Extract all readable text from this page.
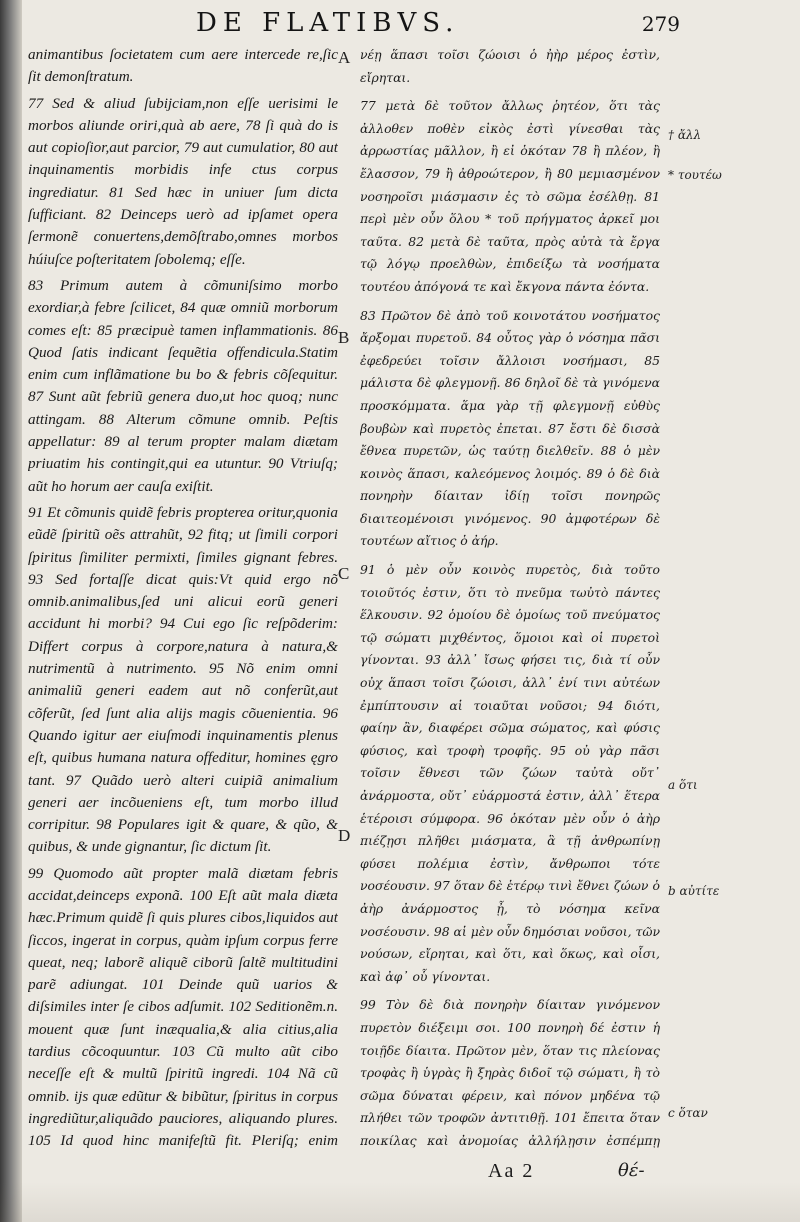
DE FLATIBVS.	279

animantibus ſocietatem cum aere intercede re,ſic ſit demonſtratum.

77 Sed & aliud ſubijciam,non eſſe uerisimi le morbos aliunde oriri,quà ab aere, 78 ſi quà do is aut copioſior,aut parcior, 79 aut cumulatior, 80 aut inquinamentis morbidis infe ctus corpus ingrediatur. 81 Sed hæc in uniuer ſum dicta ſufficiant. 82 Deinceps uerò ad ipſamet opera ſermonẽ conuertens,demõſtrabo,omnes morbos húiuſce poſteritatem ſobolemq; eſſe.

83 Primum autem à cõmuniſsimo morbo exordiar,à febre ſcilicet, 84 quæ omniũ morborum comes eſt: 85 præcipuè tamen inflammationis. 86 Quod ſatis indicant ſequẽtia offendicula.Statim enim cum inflãmatione bu bo & febris cõſequitur. 87 Sunt aũt febriũ genera duo,ut hoc quoq; nunc attingam. 88 Alterum cõmune omnib. Peſtis appellatur: 89 al terum propter malam diætam priuatim his contingit,qui ea utuntur. 90 Vtriuſq; aũt ho horum aer cauſa exiſtit.

91 Et cõmunis quidẽ febris propterea oritur,quonia eũdẽ ſpiritũ oẽs attrahũt, 92 fitq; ut ſimili corpori ſpiritus ſimiliter permixti, ſimiles gignant febres. 93 Sed fortaſſe dicat quis:Vt quid ergo nõ omnib.animalibus,ſed uni alicui eorũ generi accidunt hi morbi? 94 Cui ego ſic reſpõderim: Differt corpus à corpore,natura à natura,& nutrimentũ à nutrimento. 95 Nõ enim omni animaliũ generi eadem aut nõ conferũt,aut cõferũt, ſed ſunt alia alijs magis cõuenientia. 96 Quando igitur aer eiuſmodi inquinamentis plenus eſt, quibus humana natura offeditur, homines ęgro tant. 97 Quãdo uerò alteri cuipiã animalium generi aer incõueniens eſt, tum morbo illud corripitur. 98 Populares igit & quare, & qũo, & quibus, & unde gignantur, ſic dictum ſit.

99 Quomodo aũt propter malã diætam febris accidat,deinceps exponã. 100 Eſt aũt mala diæta hæc.Primum quidẽ ſi quis plures cibos,liquidos aut ſiccos, ingerat in corpus, quàm ipſum corpus ferre queat, neq; laborẽ aliquẽ ciborũ ſaltẽ multitudini parẽ adiungat. 101 Deinde quũ uarios & diſsimiles inter ſe cibos adſumit. 102 Seditionẽm.n. mouent quæ ſunt inæqualia,& alia citius,alia tardius cõcoquuntur. 103 Cũ multo aũt cibo neceſſe eſt & multũ ſpiritũ ingredi. 104 Nã cũ omnib. ijs quæ edũtur & bibũtur, ſpiritus in corpus ingrediũtur,aliquãdo pauciores, aliquando plures. 105 Id quod hinc manifeſtũ fit. Pleriſq; enim

A
B
C
D

νέῃ ἅπασι τοῖσι ζώοισι ὁ ἠὴρ μέρος ἐστὶν, εἴρηται.

77 μετὰ δὲ τοῦτον ἄλλως ῥητέον, ὅτι τὰς ἀλλοθεν ποθὲν εἰκὸς ἐστὶ γίνεσθαι τὰς ἀρρωστίας μᾶλλον, ἢ εἰ ὁκόταν 78 ἢ πλέον, ἢ ἔλασσον, 79 ἢ ἀθροώτερον, ἢ 80 μεμιασμένον νοσηροῖσι μιάσμασιν ἐς τὸ σῶμα ἐσέλθῃ. 81 περὶ μὲν οὖν ὅλου * τοῦ πρήγματος ἀρκεῖ μοι ταῦτα. 82 μετὰ δὲ ταῦτα, πρὸς αὐτὰ τὰ ἔργα τῷ λόγῳ προελθὼν, ἐπιδείξω τὰ νοσήματα τουτέου ἀπόγονά τε καὶ ἔκγονα πάντα ἐόντα.

83 Πρῶτον δὲ ἀπὸ τοῦ κοινοτάτου νοσήματος ἄρξομαι πυρετοῦ. 84 οὗτος γὰρ ὁ νόσημα πᾶσι ἐφεδρεύει τοῖσιν ἄλλοισι νοσήμασι, 85 μάλιστα δὲ φλεγμονῇ. 86 δηλοῖ δὲ τὰ γινόμενα προσκόμματα. ἅμα γὰρ τῇ φλεγμονῇ εὐθὺς βουβὼν καὶ πυρετὸς ἐπεται. 87 ἔστι δὲ δισσὰ ἔθνεα πυρετῶν, ὡς ταύτῃ διελθεῖν. 88 ὁ μὲν κοινὸς ἅπασι, καλεόμενος λοιμός. 89 ὁ δὲ διὰ πονηρὴν δίαιταν ἰδίῃ τοῖσι πονηρῶς διαιτεομένοισι γινόμενος. 90 ἀμφοτέρων δὲ τουτέων αἴτιος ὁ ἀήρ.

91 ὁ μὲν οὖν κοινὸς πυρετὸς, διὰ τοῦτο τοιοῦτός ἐστιν, ὅτι τὸ πνεῦμα τωὐτὸ πάντες ἕλκουσιν. 92 ὁμοίου δὲ ὁμοίως τοῦ πνεύματος τῷ σώματι μιχθέντος, ὅμοιοι καὶ οἱ πυρετοὶ γίνονται. 93 ἀλλ᾽ ἴσως φήσει τις, διὰ τί οὖν οὐχ ἅπασι τοῖσι ζώοισι, ἀλλ᾽ ἑνί τινι αὐτέων ἐμπίπτουσιν αἱ τοιαῦται νοῦσοι; 94 διότι, φαίην ἂν, διαφέρει σῶμα σώματος, καὶ φύσις φύσιος, καὶ τροφὴ τροφῆς. 95 οὐ γὰρ πᾶσι τοῖσιν ἔθνεσι τῶν ζώων ταὐτὰ οὔτ᾽ ἀνάρμοστα, οὔτ᾽ εὐάρμοστά ἐστιν, ἀλλ᾽ ἕτερα ἑτέροισι σύμφορα. 96 ὁκόταν μὲν οὖν ὁ ἀὴρ πιέζῃσι πλῆθει μιάσματα, ἃ τῇ ἀνθρωπίνῃ φύσει πολέμια ἐστὶν, ἄνθρωποι τότε νοσέουσιν. 97 ὅταν δὲ ἑτέρῳ τινὶ ἔθνει ζώων ὁ ἀὴρ ἀνάρμοστος ᾖ, τὸ νόσημα κεῖνα νοσέουσιν. 98 αἱ μὲν οὖν δημόσιαι νοῦσοι, τῶν νούσων, εἴρηται, καὶ ὅτι, καὶ ὅκως, καὶ οἷσι, καὶ ἀφ᾽ οὗ γίνονται.

99 Τὸν δὲ διὰ πονηρὴν δίαιταν γινόμενον πυρετὸν διέξειμι σοι. 100 πονηρὴ δέ ἐστιν ἡ τοιῇδε δίαιτα. Πρῶτον μὲν, ὅταν τις πλείονας τροφὰς ἢ ὑγρὰς ἢ ξηρὰς διδοῖ τῷ σώματι, ἢ τὸ σῶμα δύναται φέρειν, καὶ πόνον μηδένα τῷ πλήθει τῶν τροφῶν ἀντιτιθῇ. 101 ἔπειτα ὅταν ποικίλας καὶ ἀνομοίας ἀλλήλῃσιν ἐσπέμπῃ

† ἄλλ
* τουτέω
a ὅτι
b αὐτίτε
c ὅταν
Aa 2	θέ-
